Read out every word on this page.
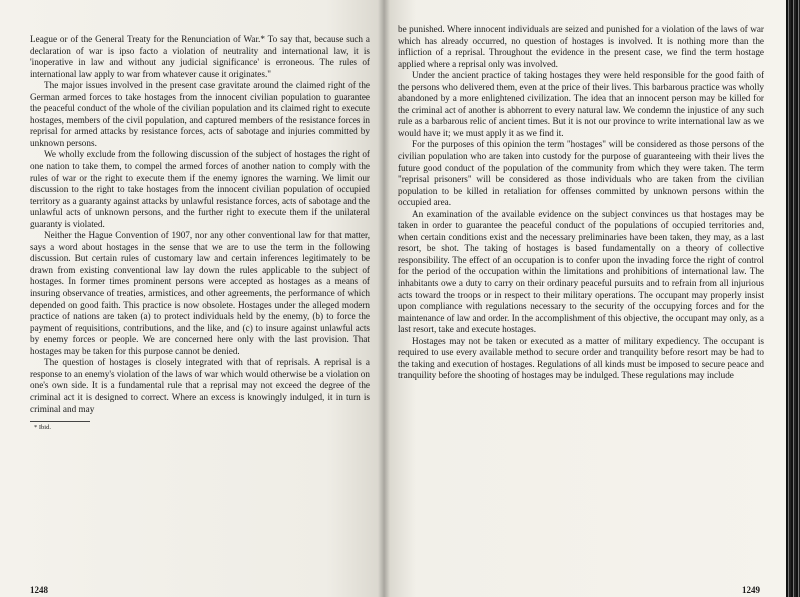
League or of the General Treaty for the Renunciation of War.* To say that, because such a declaration of war is ipso facto a violation of neutrality and international law, it is 'inoperative in law and without any judicial significance' is erroneous. The rules of international law apply to war from whatever cause it originates."

The major issues involved in the present case gravitate around the claimed right of the German armed forces to take hostages from the innocent civilian population to guarantee the peaceful conduct of the whole of the civilian population and its claimed right to execute hostages, members of the civil population, and captured members of the resistance forces in reprisal for armed attacks by resistance forces, acts of sabotage and injuries committed by unknown persons.

We wholly exclude from the following discussion of the subject of hostages the right of one nation to take them, to compel the armed forces of another nation to comply with the rules of war or the right to execute them if the enemy ignores the warning. We limit our discussion to the right to take hostages from the innocent civilian population of occupied territory as a guaranty against attacks by unlawful resistance forces, acts of sabotage and the unlawful acts of unknown persons, and the further right to execute them if the unilateral guaranty is violated.

Neither the Hague Convention of 1907, nor any other conventional law for that matter, says a word about hostages in the sense that we are to use the term in the following discussion. But certain rules of customary law and certain inferences legitimately to be drawn from existing conventional law lay down the rules applicable to the subject of hostages. In former times prominent persons were accepted as hostages as a means of insuring observance of treaties, armistices, and other agreements, the performance of which depended on good faith. This practice is now obsolete. Hostages under the alleged modern practice of nations are taken (a) to protect individuals held by the enemy, (b) to force the payment of requisitions, contributions, and the like, and (c) to insure against unlawful acts by enemy forces or people. We are concerned here only with the last provision. That hostages may be taken for this purpose cannot be denied.

The question of hostages is closely integrated with that of reprisals. A reprisal is a response to an enemy's violation of the laws of war which would otherwise be a violation on one's own side. It is a fundamental rule that a reprisal may not exceed the degree of the criminal act it is designed to correct. Where an excess is knowingly indulged, it in turn is criminal and may

* Ibid.
1248

be punished. Where innocent individuals are seized and punished for a violation of the laws of war which has already occurred, no question of hostages is involved. It is nothing more than the infliction of a reprisal. Throughout the evidence in the present case, we find the term hostage applied where a reprisal only was involved.

Under the ancient practice of taking hostages they were held responsible for the good faith of the persons who delivered them, even at the price of their lives. This barbarous practice was wholly abandoned by a more enlightened civilization. The idea that an innocent person may be killed for the criminal act of another is abhorrent to every natural law. We condemn the injustice of any such rule as a barbarous relic of ancient times. But it is not our province to write international law as we would have it; we must apply it as we find it.

For the purposes of this opinion the term "hostages" will be considered as those persons of the civilian population who are taken into custody for the purpose of guaranteeing with their lives the future good conduct of the population of the community from which they were taken. The term "reprisal prisoners" will be considered as those individuals who are taken from the civilian population to be killed in retaliation for offenses committed by unknown persons within the occupied area.

An examination of the available evidence on the subject convinces us that hostages may be taken in order to guarantee the peaceful conduct of the populations of occupied territories and, when certain conditions exist and the necessary preliminaries have been taken, they may, as a last resort, be shot. The taking of hostages is based fundamentally on a theory of collective responsibility. The effect of an occupation is to confer upon the invading force the right of control for the period of the occupation within the limitations and prohibitions of international law. The inhabitants owe a duty to carry on their ordinary peaceful pursuits and to refrain from all injurious acts toward the troops or in respect to their military operations. The occupant may properly insist upon compliance with regulations necessary to the security of the occupying forces and for the maintenance of law and order. In the accomplishment of this objective, the occupant may only, as a last resort, take and execute hostages.

Hostages may not be taken or executed as a matter of military expediency. The occupant is required to use every available method to secure order and tranquility before resort may be had to the taking and execution of hostages. Regulations of all kinds must be imposed to secure peace and tranquility before the shooting of hostages may be indulged. These regulations may include

1249
